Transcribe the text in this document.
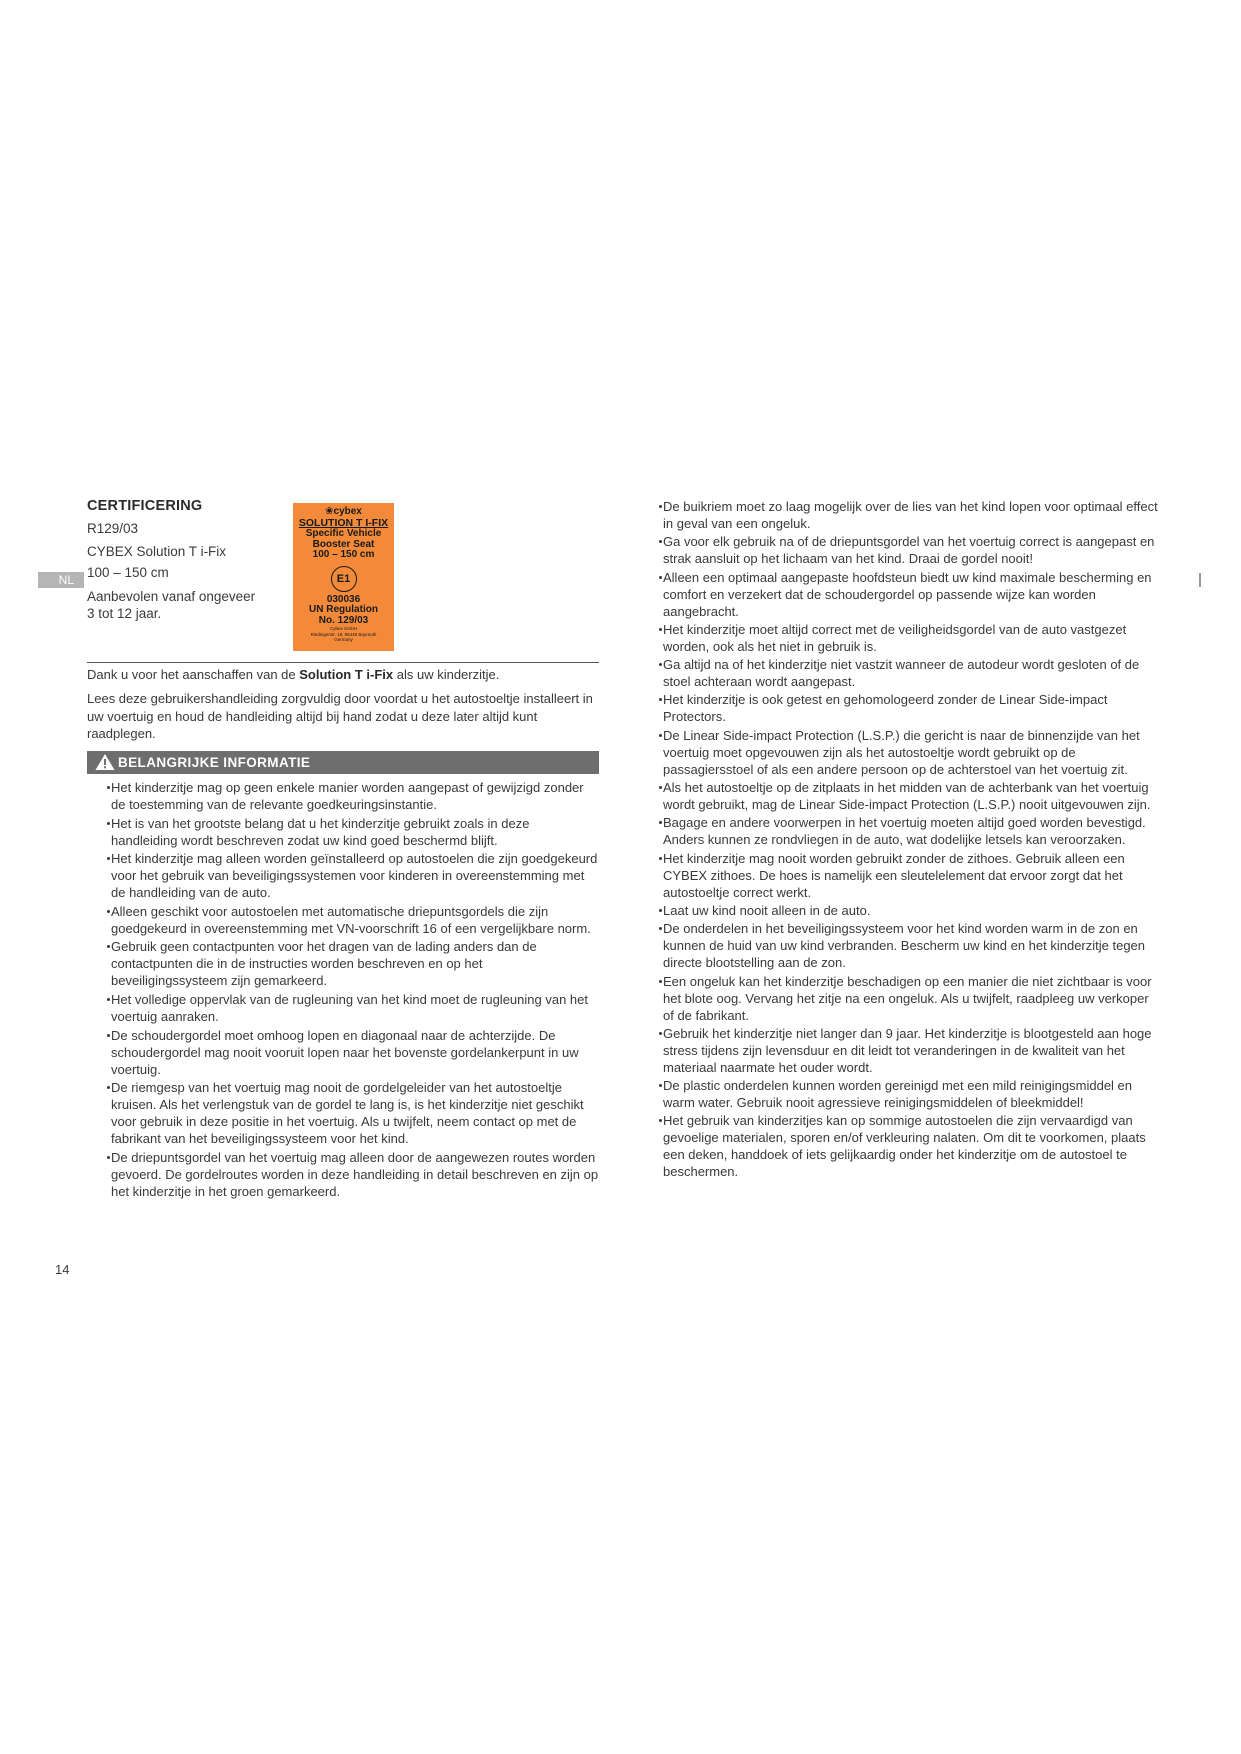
CERTIFICERING
R129/03
CYBEX Solution T i-Fix
100 – 150 cm
Aanbevolen vanaf ongeveer
3 tot 12 jaar.
NL
❀cybex
SOLUTION T I-FIX
Specific Vehicle
Booster Seat
100 – 150 cm
E1
030036
UN Regulation
No. 129/03
Cybex GmbH
Riedingerstr. 18, 95448 Bayreuth
Germany
Dank u voor het aanschaffen van de Solution T i-Fix als uw kinderzitje.
Lees deze gebruikershandleiding zorgvuldig door voordat u het autostoeltje installeert in uw voertuig en houd de handleiding altijd bij hand zodat u deze later altijd kunt raadplegen.
BELANGRIJKE INFORMATIE
Het kinderzitje mag op geen enkele manier worden aangepast of gewijzigd zonder de toestemming van de relevante goedkeuringsinstantie.
Het is van het grootste belang dat u het kinderzitje gebruikt zoals in deze handleiding wordt beschreven zodat uw kind goed beschermd blijft.
Het kinderzitje mag alleen worden geïnstalleerd op autostoelen die zijn goedgekeurd voor het gebruik van beveiligingssystemen voor kinderen in overeenstemming met de handleiding van de auto.
Alleen geschikt voor autostoelen met automatische driepuntsgordels die zijn goedgekeurd in overeenstemming met VN-voorschrift 16 of een vergelijkbare norm.
Gebruik geen contactpunten voor het dragen van de lading anders dan de contactpunten die in de instructies worden beschreven en op het beveiligingssysteem zijn gemarkeerd.
Het volledige oppervlak van de rugleuning van het kind moet de rugleuning van het voertuig aanraken.
De schoudergordel moet omhoog lopen en diagonaal naar de achterzijde. De schoudergordel mag nooit vooruit lopen naar het bovenste gordelankerpunt in uw voertuig.
De riemgesp van het voertuig mag nooit de gordelgeleider van het autostoeltje kruisen. Als het verlengstuk van de gordel te lang is, is het kinderzitje niet geschikt voor gebruik in deze positie in het voertuig. Als u twijfelt, neem contact op met de fabrikant van het beveiligingssysteem voor het kind.
De driepuntsgordel van het voertuig mag alleen door de aangewezen routes worden gevoerd. De gordelroutes worden in deze handleiding in detail beschreven en zijn op het kinderzitje in het groen gemarkeerd.
De buikriem moet zo laag mogelijk over de lies van het kind lopen voor optimaal effect in geval van een ongeluk.
Ga voor elk gebruik na of de driepuntsgordel van het voertuig correct is aangepast en strak aansluit op het lichaam van het kind. Draai de gordel nooit!
Alleen een optimaal aangepaste hoofdsteun biedt uw kind maximale bescherming en comfort en verzekert dat de schoudergordel op passende wijze kan worden aangebracht.
Het kinderzitje moet altijd correct met de veiligheidsgordel van de auto vastgezet worden, ook als het niet in gebruik is.
Ga altijd na of het kinderzitje niet vastzit wanneer de autodeur wordt gesloten of de stoel achteraan wordt aangepast.
Het kinderzitje is ook getest en gehomologeerd zonder de Linear Side-impact Protectors.
De Linear Side-impact Protection (L.S.P.) die gericht is naar de binnenzijde van het voertuig moet opgevouwen zijn als het autostoeltje wordt gebruikt op de passagiersstoel of als een andere persoon op de achterstoel van het voertuig zit.
Als het autostoeltje op de zitplaats in het midden van de achterbank van het voertuig wordt gebruikt, mag de Linear Side-impact Protection (L.S.P.) nooit uitgevouwen zijn.
Bagage en andere voorwerpen in het voertuig moeten altijd goed worden bevestigd. Anders kunnen ze rondvliegen in de auto, wat dodelijke letsels kan veroorzaken.
Het kinderzitje mag nooit worden gebruikt zonder de zithoes. Gebruik alleen een CYBEX zithoes. De hoes is namelijk een sleutelelement dat ervoor zorgt dat het autostoeltje correct werkt.
Laat uw kind nooit alleen in de auto.
De onderdelen in het beveiligingssysteem voor het kind worden warm in de zon en kunnen de huid van uw kind verbranden. Bescherm uw kind en het kinderzitje tegen directe blootstelling aan de zon.
Een ongeluk kan het kinderzitje beschadigen op een manier die niet zichtbaar is voor het blote oog. Vervang het zitje na een ongeluk. Als u twijfelt, raadpleeg uw verkoper of de fabrikant.
Gebruik het kinderzitje niet langer dan 9 jaar. Het kinderzitje is blootgesteld aan hoge stress tijdens zijn levensduur en dit leidt tot veranderingen in de kwaliteit van het materiaal naarmate het ouder wordt.
De plastic onderdelen kunnen worden gereinigd met een mild reinigingsmiddel en warm water. Gebruik nooit agressieve reinigingsmiddelen of bleekmiddel!
Het gebruik van kinderzitjes kan op sommige autostoelen die zijn vervaardigd van gevoelige materialen, sporen en/of verkleuring nalaten. Om dit te voorkomen, plaats een deken, handdoek of iets gelijkaardig onder het kinderzitje om de autostoel te beschermen.
14
